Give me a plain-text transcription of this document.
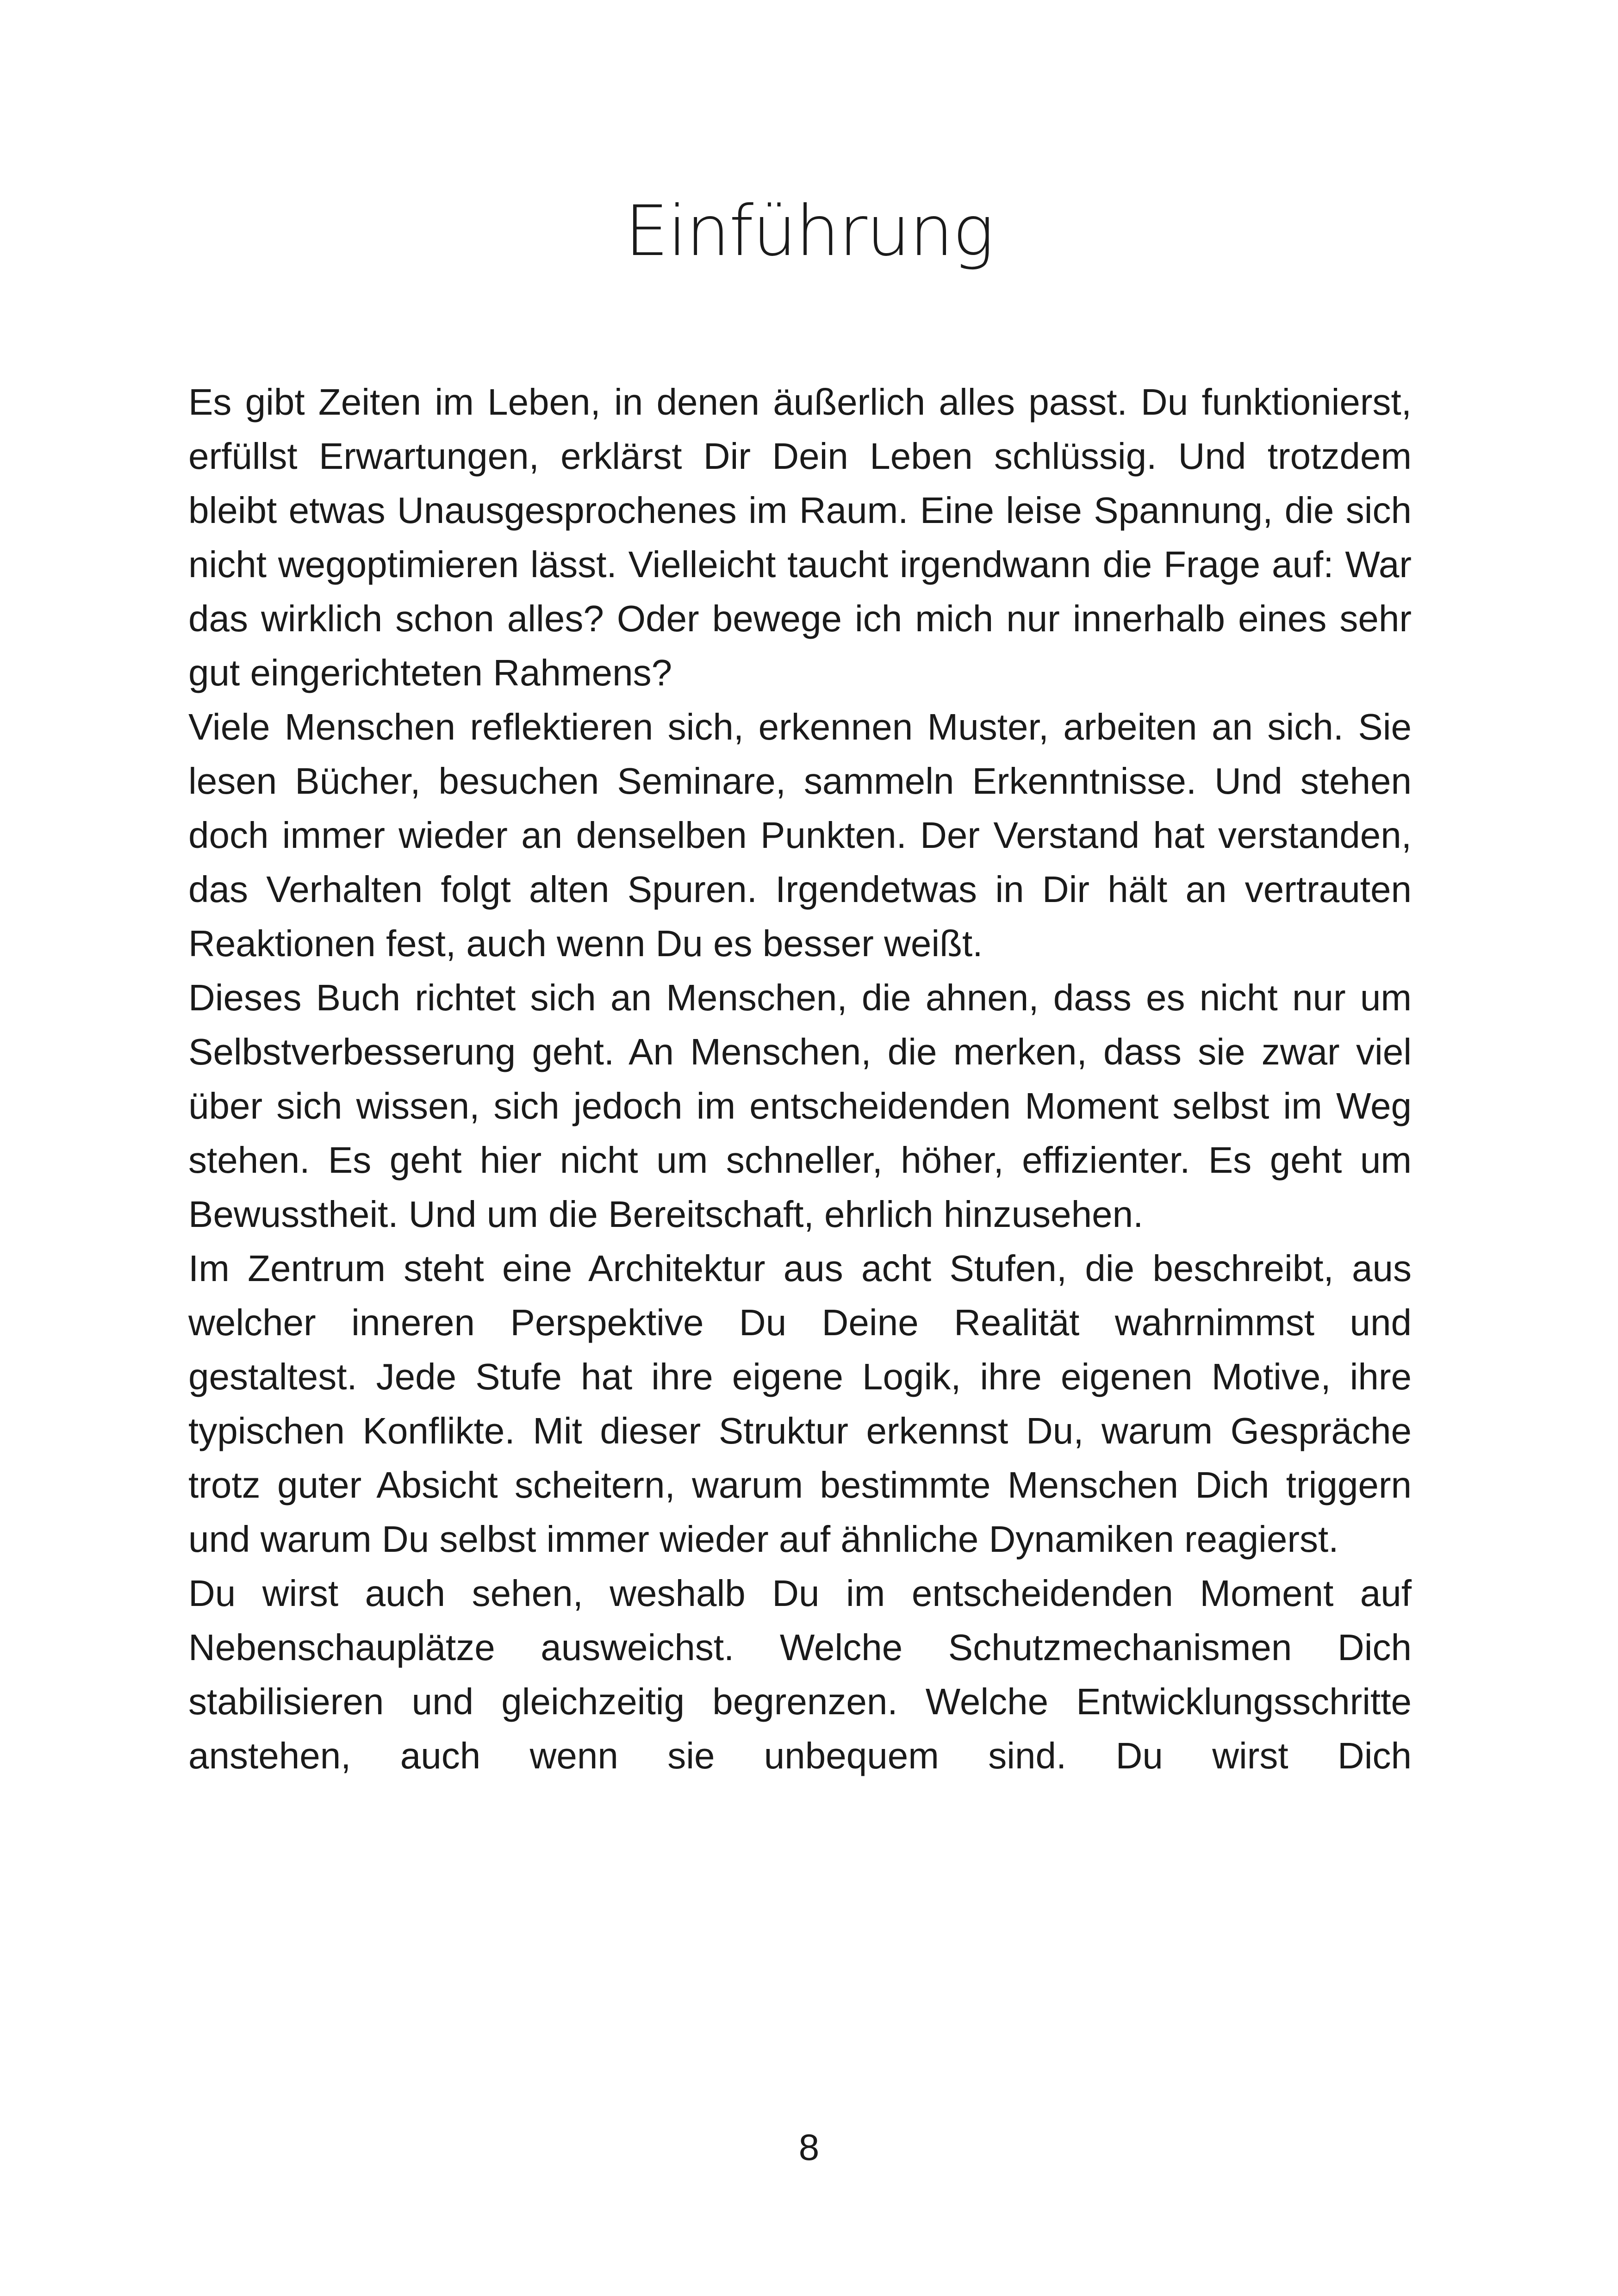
Einführung

Es gibt Zeiten im Leben, in denen äußerlich alles passt. Du funktionierst, erfüllst Erwartungen, erklärst Dir Dein Leben schlüssig. Und trotzdem bleibt etwas Unausgesprochenes im Raum. Eine leise Spannung, die sich nicht wegoptimieren lässt. Vielleicht taucht irgendwann die Frage auf: War das wirklich schon alles? Oder bewege ich mich nur innerhalb eines sehr gut eingerichteten Rahmens?

Viele Menschen reflektieren sich, erkennen Muster, arbeiten an sich. Sie lesen Bücher, besuchen Seminare, sammeln Erkenntnisse. Und stehen doch immer wieder an denselben Punkten. Der Verstand hat verstanden, das Verhalten folgt alten Spuren. Irgendetwas in Dir hält an vertrauten Reaktionen fest, auch wenn Du es besser weißt.

Dieses Buch richtet sich an Menschen, die ahnen, dass es nicht nur um Selbstverbesserung geht. An Menschen, die merken, dass sie zwar viel über sich wissen, sich jedoch im entscheidenden Moment selbst im Weg stehen. Es geht hier nicht um schneller, höher, effizienter. Es geht um Bewusstheit. Und um die Bereitschaft, ehrlich hinzusehen.

Im Zentrum steht eine Architektur aus acht Stufen, die beschreibt, aus welcher inneren Perspektive Du Deine Realität wahrnimmst und gestaltest. Jede Stufe hat ihre eigene Logik, ihre eigenen Motive, ihre typischen Konflikte. Mit dieser Struktur erkennst Du, warum Gespräche trotz guter Absicht scheitern, warum bestimmte Menschen Dich triggern und warum Du selbst immer wieder auf ähnliche Dynamiken reagierst.

Du wirst auch sehen, weshalb Du im entscheidenden Moment auf Nebenschauplätze ausweichst. Welche Schutzmechanismen Dich stabilisieren und gleichzeitig begrenzen. Welche Entwicklungsschritte anstehen, auch wenn sie unbequem sind. Du wirst Dich

8
